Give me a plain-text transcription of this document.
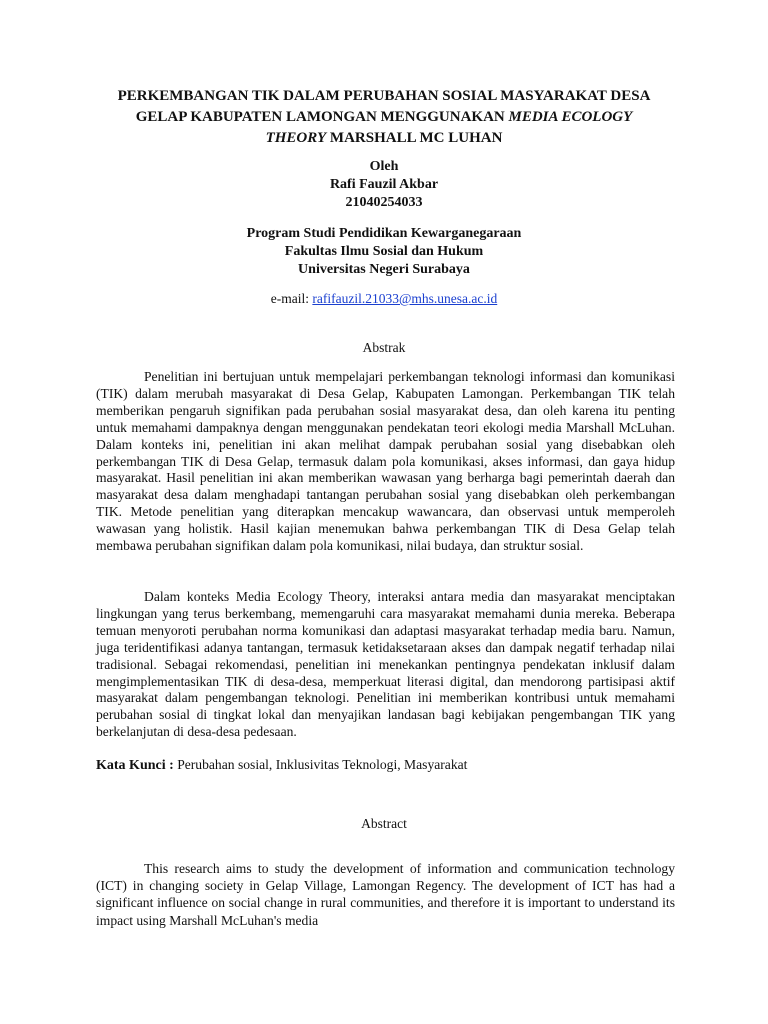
PERKEMBANGAN TIK DALAM PERUBAHAN SOSIAL MASYARAKAT DESA
GELAP KABUPATEN LAMONGAN MENGGUNAKAN MEDIA ECOLOGY
THEORY MARSHALL MC LUHAN
Oleh
Rafi Fauzil Akbar
21040254033
Program Studi Pendidikan Kewarganegaraan
Fakultas Ilmu Sosial dan Hukum
Universitas Negeri Surabaya
e-mail: rafifauzil.21033@mhs.unesa.ac.id
Abstrak

Penelitian ini bertujuan untuk mempelajari perkembangan teknologi informasi dan komunikasi (TIK) dalam merubah masyarakat di Desa Gelap, Kabupaten Lamongan. Perkembangan TIK telah memberikan pengaruh signifikan pada perubahan sosial masyarakat desa, dan oleh karena itu penting untuk memahami dampaknya dengan menggunakan pendekatan teori ekologi media Marshall McLuhan. Dalam konteks ini, penelitian ini akan melihat dampak perubahan sosial yang disebabkan oleh perkembangan TIK di Desa Gelap, termasuk dalam pola komunikasi, akses informasi, dan gaya hidup masyarakat. Hasil penelitian ini akan memberikan wawasan yang berharga bagi pemerintah daerah dan masyarakat desa dalam menghadapi tantangan perubahan sosial yang disebabkan oleh perkembangan TIK. Metode penelitian yang diterapkan mencakup wawancara, dan observasi untuk memperoleh wawasan yang holistik. Hasil kajian menemukan bahwa perkembangan TIK di Desa Gelap telah membawa perubahan signifikan dalam pola komunikasi, nilai budaya, dan struktur sosial.

Dalam konteks Media Ecology Theory, interaksi antara media dan masyarakat menciptakan lingkungan yang terus berkembang, memengaruhi cara masyarakat memahami dunia mereka. Beberapa temuan menyoroti perubahan norma komunikasi dan adaptasi masyarakat terhadap media baru. Namun, juga teridentifikasi adanya tantangan, termasuk ketidaksetaraan akses dan dampak negatif terhadap nilai tradisional. Sebagai rekomendasi, penelitian ini menekankan pentingnya pendekatan inklusif dalam mengimplementasikan TIK di desa-desa, memperkuat literasi digital, dan mendorong partisipasi aktif masyarakat dalam pengembangan teknologi. Penelitian ini memberikan kontribusi untuk memahami perubahan sosial di tingkat lokal dan menyajikan landasan bagi kebijakan pengembangan TIK yang berkelanjutan di desa-desa pedesaan.

Kata Kunci : Perubahan sosial, Inklusivitas Teknologi, Masyarakat
Abstract

This research aims to study the development of information and communication technology (ICT) in changing society in Gelap Village, Lamongan Regency. The development of ICT has had a significant influence on social change in rural communities, and therefore it is important to understand its impact using Marshall McLuhan's media
